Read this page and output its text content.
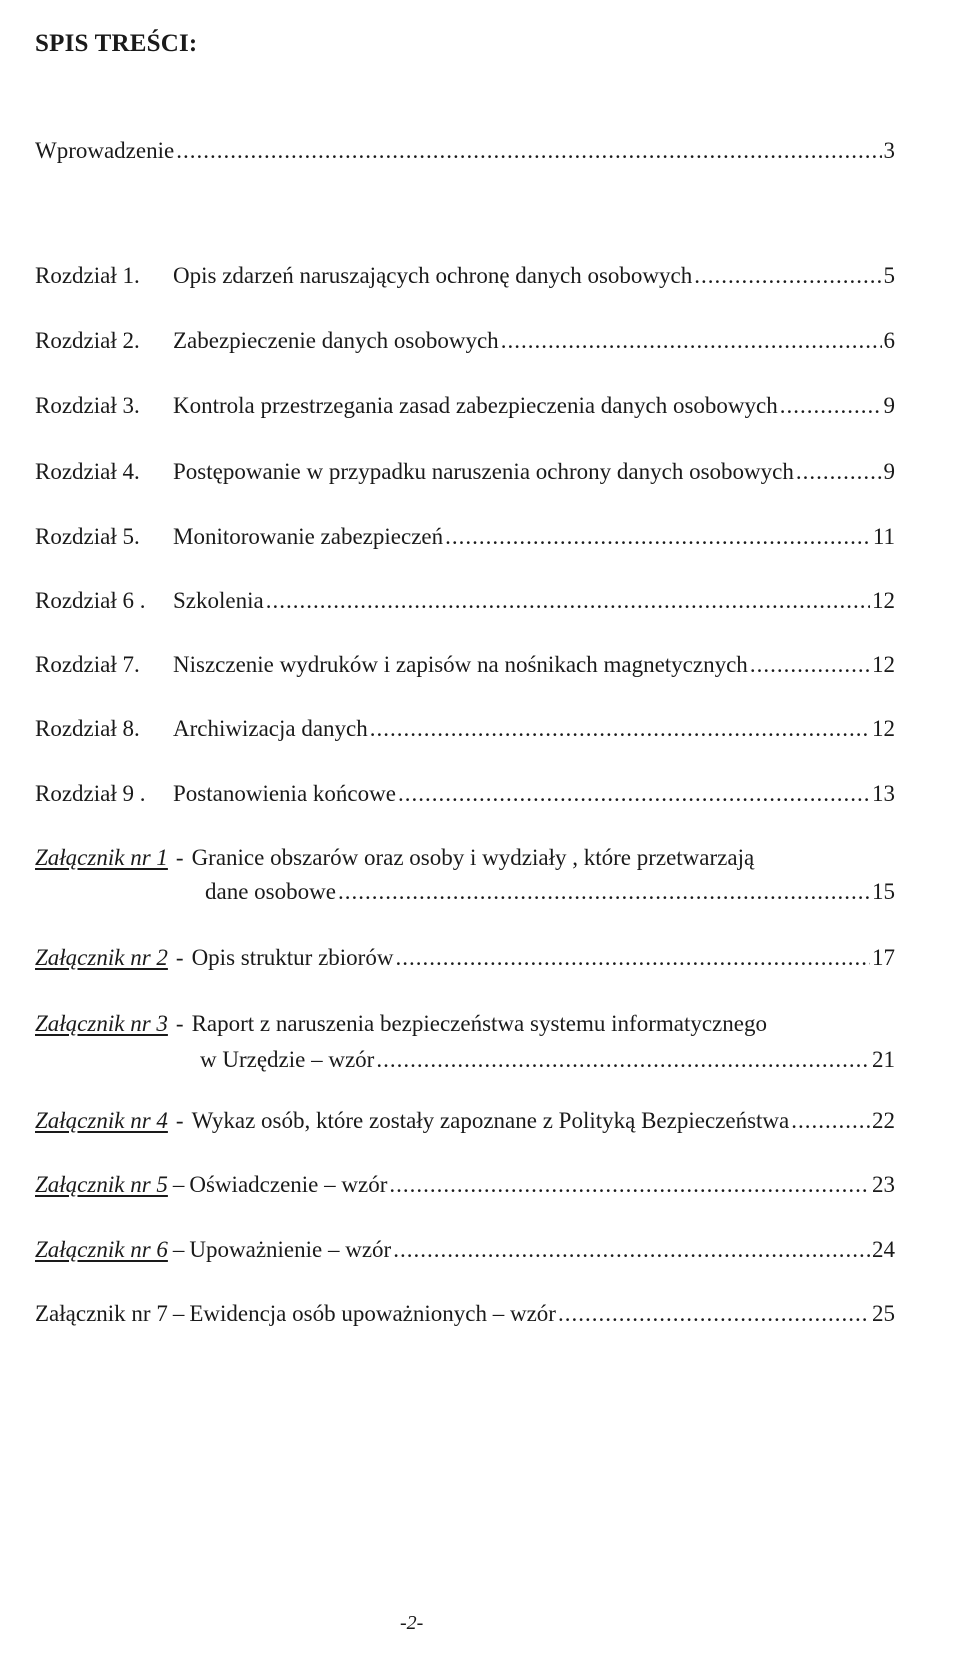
SPIS TREŚCI:
Wprowadzenie .....	3
Rozdział 1.	Opis zdarzeń naruszających ochronę danych osobowych .....	5
Rozdział 2.	Zabezpieczenie danych osobowych .....	6
Rozdział 3.	Kontrola przestrzegania zasad zabezpieczenia danych osobowych .....	9
Rozdział 4.	Postępowanie w przypadku naruszenia ochrony danych osobowych .....	9
Rozdział 5.	Monitorowanie zabezpieczeń .....	11
Rozdział 6 .	Szkolenia .....	12
Rozdział 7.	Niszczenie wydruków i zapisów na nośnikach magnetycznych .....	12
Rozdział 8.	Archiwizacja danych .....	12
Rozdział 9 .	Postanowienia końcowe .....	13
Załącznik nr 1 - Granice obszarów oraz osoby i wydziały , które przetwarzają
dane osobowe .....	15
Załącznik nr 2 - Opis struktur zbiorów .....	17
Załącznik nr 3 - Raport z naruszenia bezpieczeństwa systemu informatycznego
w Urzędzie – wzór .....	21
Załącznik nr 4 - Wykaz osób, które zostały zapoznane z Polityką Bezpieczeństwa .....	22
Załącznik nr 5 – Oświadczenie – wzór .....	23
Załącznik nr 6 – Upoważnienie – wzór .....	24
Załącznik nr 7 – Ewidencja osób upoważnionych – wzór .....	25
-2-
